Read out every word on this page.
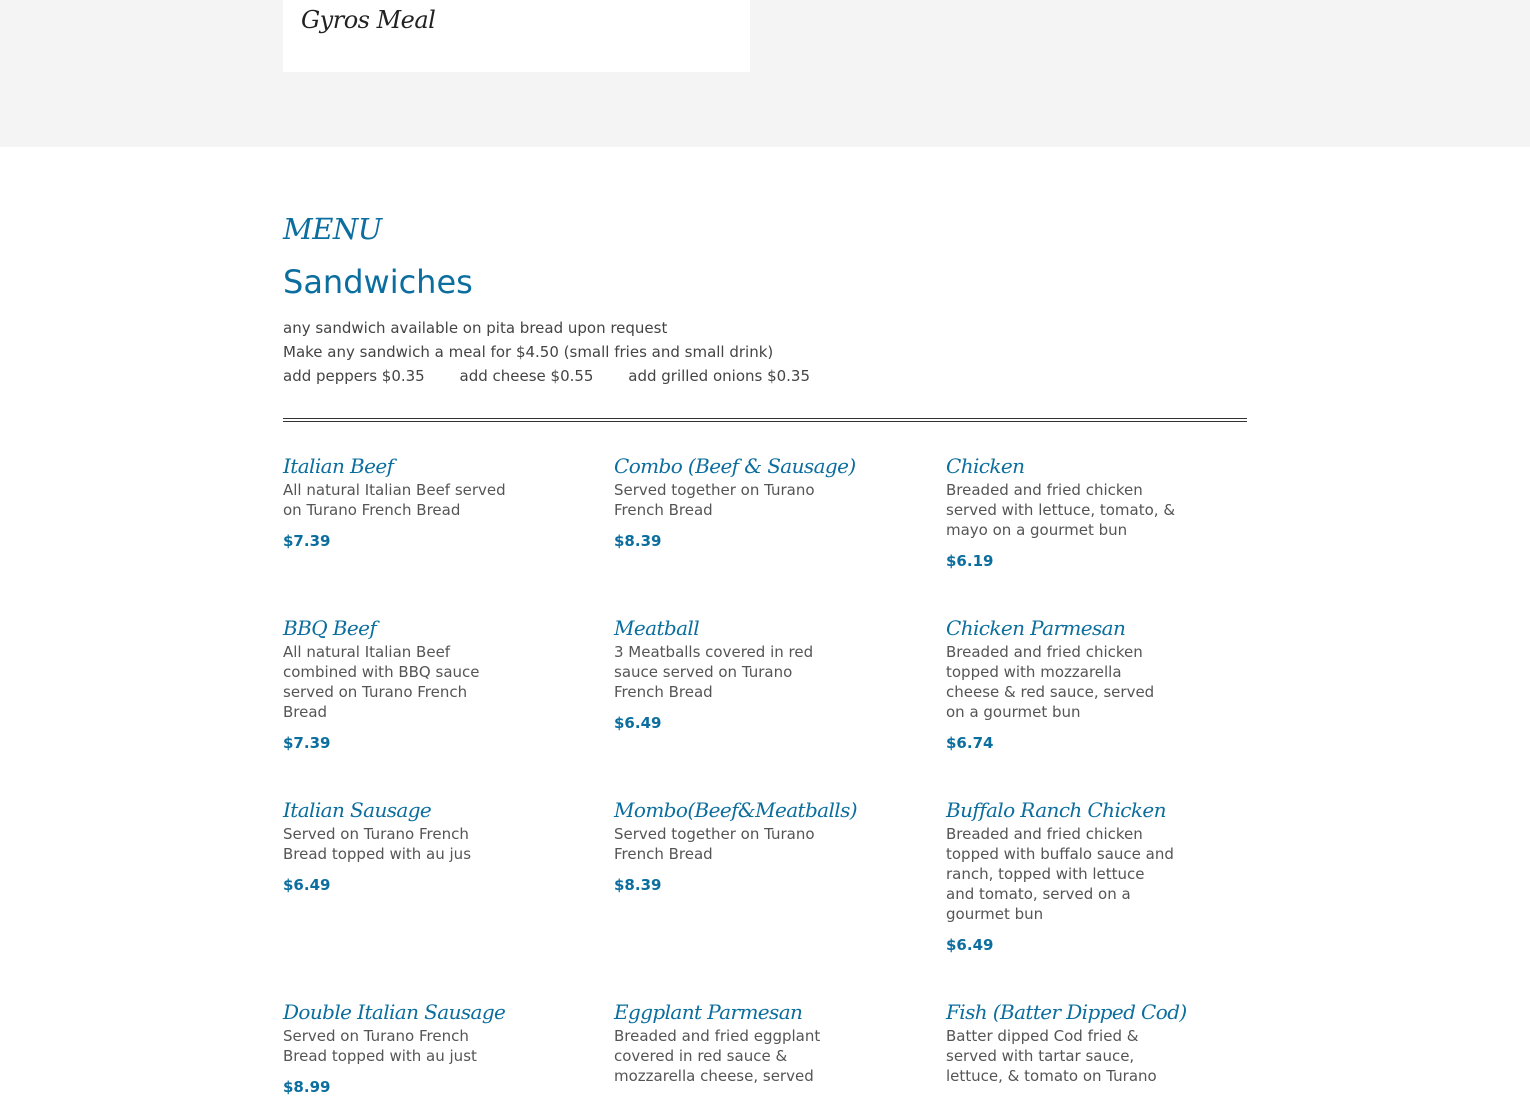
Gyros Meal
MENU
Sandwiches
any sandwich available on pita bread upon request
Make any sandwich a meal for $4.50 (small fries and small drink)
add peppers $0.35 add cheese $0.55 add grilled onions $0.35
Italian Beef
All natural Italian Beef served on Turano French Bread
$7.39
Combo (Beef & Sausage)
Served together on Turano French Bread
$8.39
Chicken
Breaded and fried chicken served with lettuce, tomato, & mayo on a gourmet bun
$6.19
BBQ Beef
All natural Italian Beef combined with BBQ sauce served on Turano French Bread
$7.39
Meatball
3 Meatballs covered in red sauce served on Turano French Bread
$6.49
Chicken Parmesan
Breaded and fried chicken topped with mozzarella cheese & red sauce, served on a gourmet bun
$6.74
Italian Sausage
Served on Turano French Bread topped with au jus
$6.49
Mombo(Beef&Meatballs)
Served together on Turano French Bread
$8.39
Buffalo Ranch Chicken
Breaded and fried chicken topped with buffalo sauce and ranch, topped with lettuce and tomato, served on a gourmet bun
$6.49
Double Italian Sausage
Served on Turano French Bread topped with au just
$8.99
Eggplant Parmesan
Breaded and fried eggplant covered in red sauce & mozzarella cheese, served
Fish (Batter Dipped Cod)
Batter dipped Cod fried & served with tartar sauce, lettuce, & tomato on Turano
